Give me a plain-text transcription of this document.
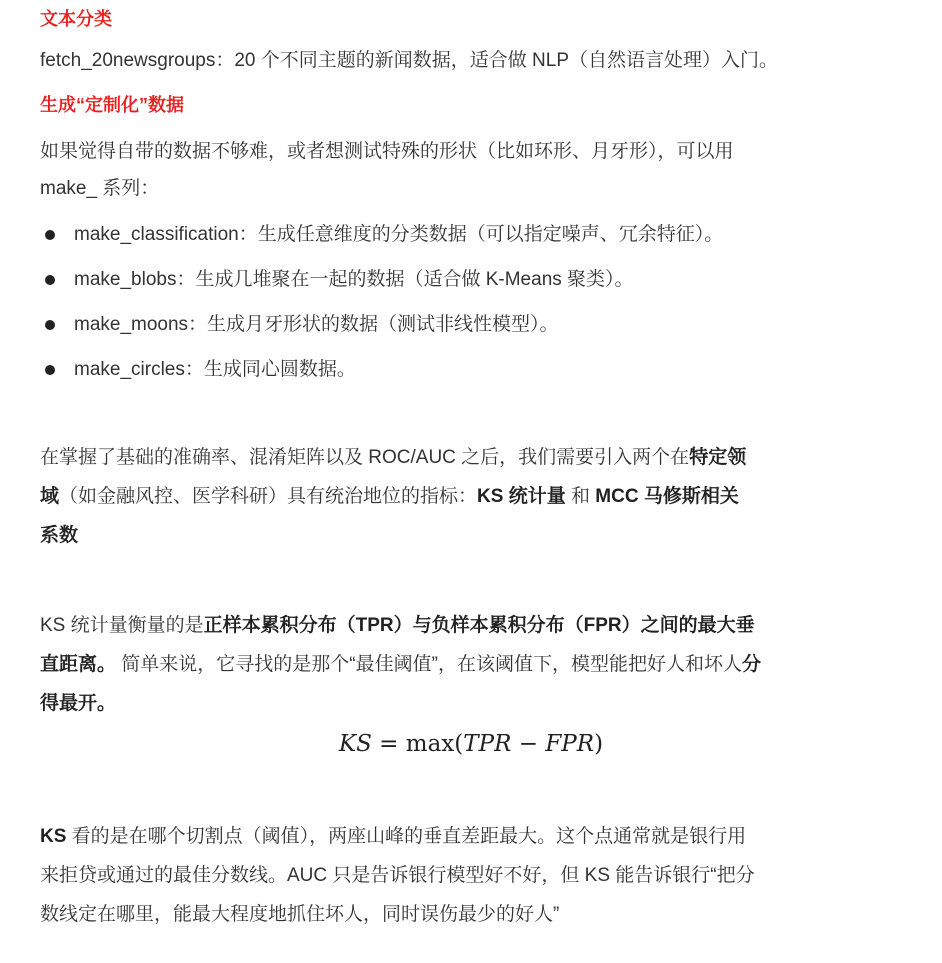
文本分类
fetch_20newsgroups：20 个不同主题的新闻数据，适合做 NLP（自然语言处理）入门。
生成“定制化”数据
如果觉得自带的数据不够难，或者想测试特殊的形状（比如环形、月牙形），可以用
make_ 系列：
make_classification：生成任意维度的分类数据（可以指定噪声、冗余特征）。
make_blobs：生成几堆聚在一起的数据（适合做 K-Means 聚类）。
make_moons：生成月牙形状的数据（测试非线性模型）。
make_circles：生成同心圆数据。
在掌握了基础的准确率、混淆矩阵以及 ROC/AUC 之后，我们需要引入两个在特定领
域（如金融风控、医学科研）具有统治地位的指标：KS 统计量 和 MCC 马修斯相关
系数
KS 统计量衡量的是正样本累积分布（TPR）与负样本累积分布（FPR）之间的最大垂
直距离。 简单来说，它寻找的是那个“最佳阈值”，在该阈值下，模型能把好人和坏人分
得最开。
KS = max(TPR − FPR)
KS 看的是在哪个切割点（阈值），两座山峰的垂直差距最大。这个点通常就是银行用
来拒贷或通过的最佳分数线。AUC 只是告诉银行模型好不好，但 KS 能告诉银行“把分
数线定在哪里，能最大程度地抓住坏人，同时误伤最少的好人”
